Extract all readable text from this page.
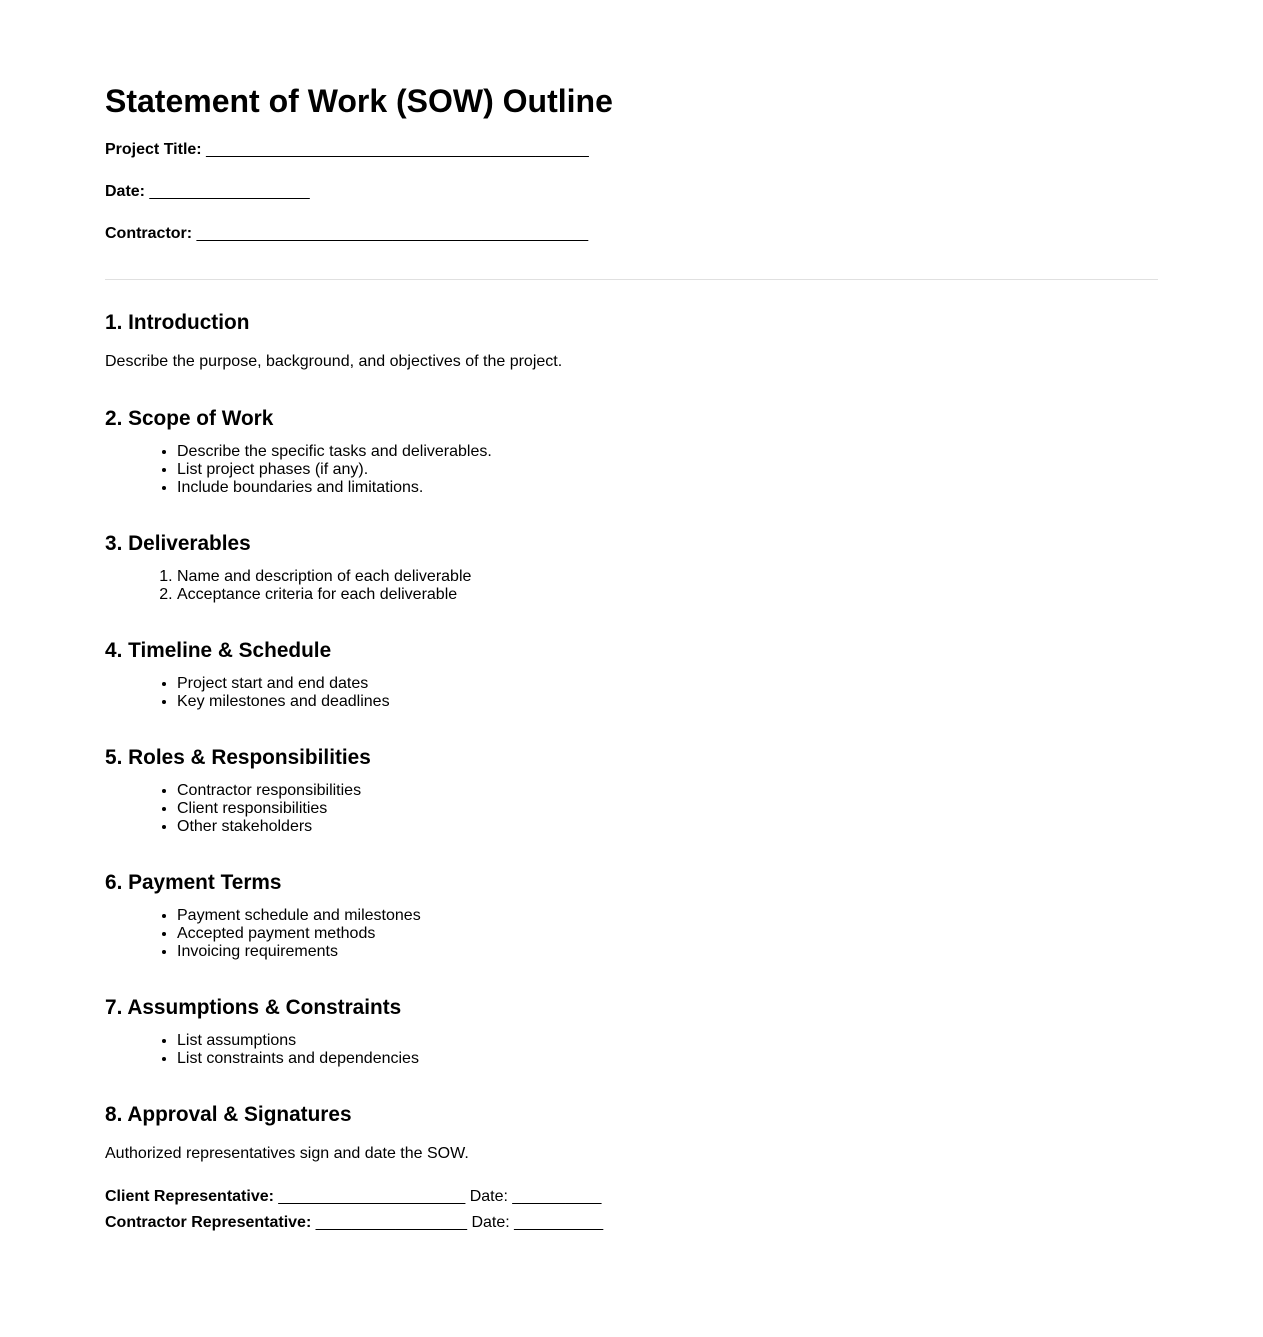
Statement of Work (SOW) Outline
Project Title: ___________________________________________
Date: __________________
Contractor: ____________________________________________
1. Introduction

Describe the purpose, background, and objectives of the project.

2. Scope of Work
• Describe the specific tasks and deliverables.
• List project phases (if any).
• Include boundaries and limitations.
3. Deliverables
1. Name and description of each deliverable
2. Acceptance criteria for each deliverable
4. Timeline & Schedule
• Project start and end dates
• Key milestones and deadlines
5. Roles & Responsibilities
• Contractor responsibilities
• Client responsibilities
• Other stakeholders
6. Payment Terms
• Payment schedule and milestones
• Accepted payment methods
• Invoicing requirements
7. Assumptions & Constraints
• List assumptions
• List constraints and dependencies
8. Approval & Signatures

Authorized representatives sign and date the SOW.

Client Representative: _____________________ Date: __________
Contractor Representative: _________________ Date: __________
